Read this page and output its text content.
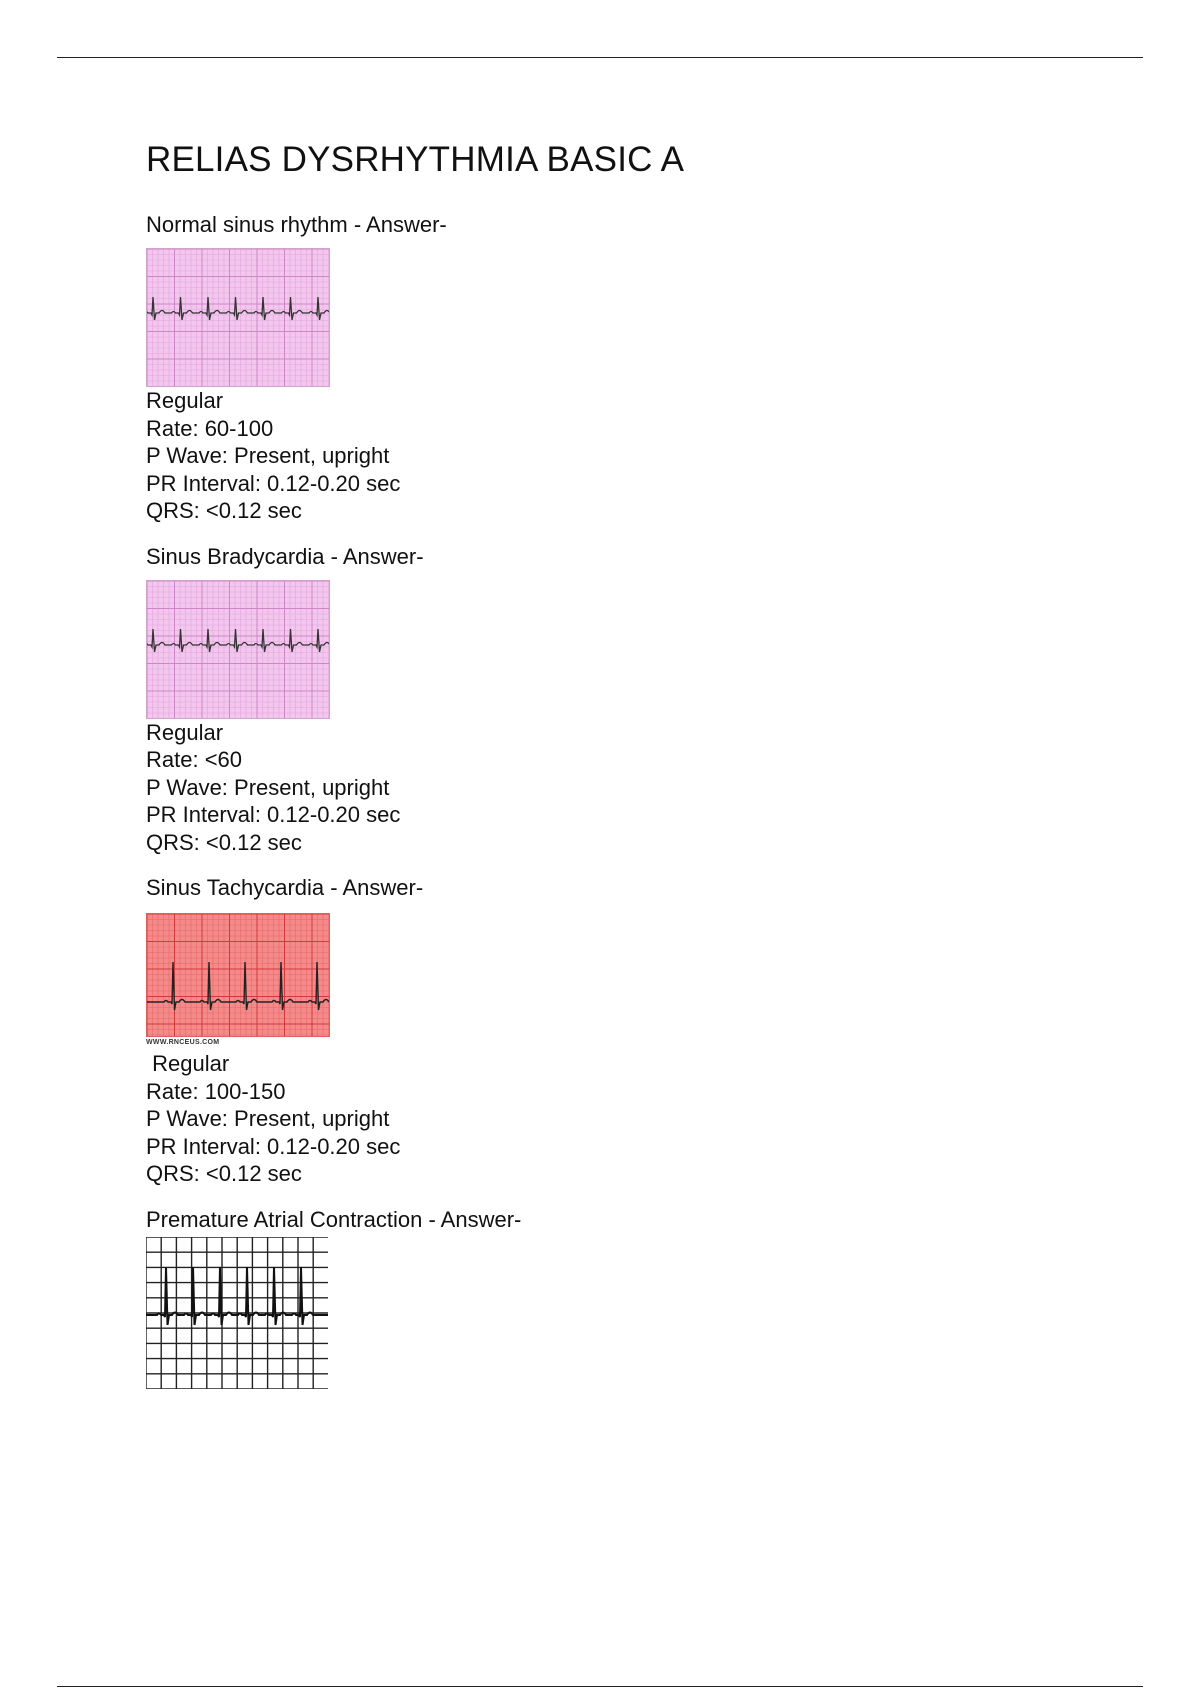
RELIAS DYSRHYTHMIA BASIC A
Normal sinus rhythm - Answer-
Regular
Rate: 60-100
P Wave: Present, upright
PR Interval: 0.12-0.20 sec
QRS: <0.12 sec
Sinus Bradycardia - Answer-
Regular
Rate: <60
P Wave: Present, upright
PR Interval: 0.12-0.20 sec
QRS: <0.12 sec
Sinus Tachycardia - Answer-
WWW.RNCEUS.COM
Regular
Rate: 100-150
P Wave: Present, upright
PR Interval: 0.12-0.20 sec
QRS: <0.12 sec
Premature Atrial Contraction - Answer-
